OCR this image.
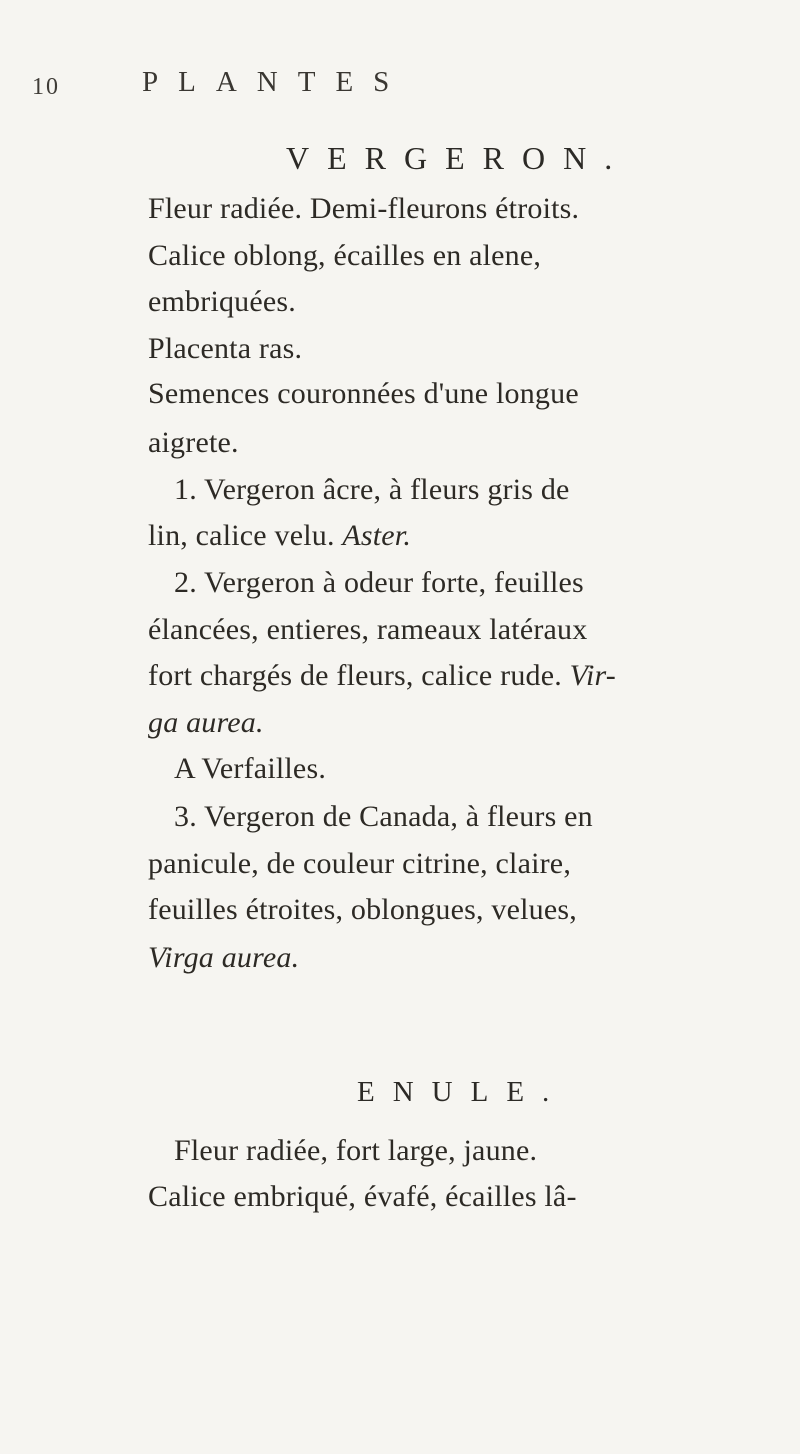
10	PLANTES
VERGERON.
Fleur radiée. Demi-fleurons étroits.
Calice oblong, écailles en alene,
embriquées.
Placenta ras.
Semences couronnées d'une longue
aigrete.
1. Vergeron âcre, à fleurs gris de
lin, calice velu. Aster.
2. Vergeron à odeur forte, feuilles
élancées, entieres, rameaux latéraux
fort chargés de fleurs, calice rude. Vir-
ga aurea.
A Verfailles.
3. Vergeron de Canada, à fleurs en
panicule, de couleur citrine, claire,
feuilles étroites, oblongues, velues,
Virga aurea.
ENULE.
Fleur radiée, fort large, jaune.
Calice embriqué, évafé, écailles lâ-
